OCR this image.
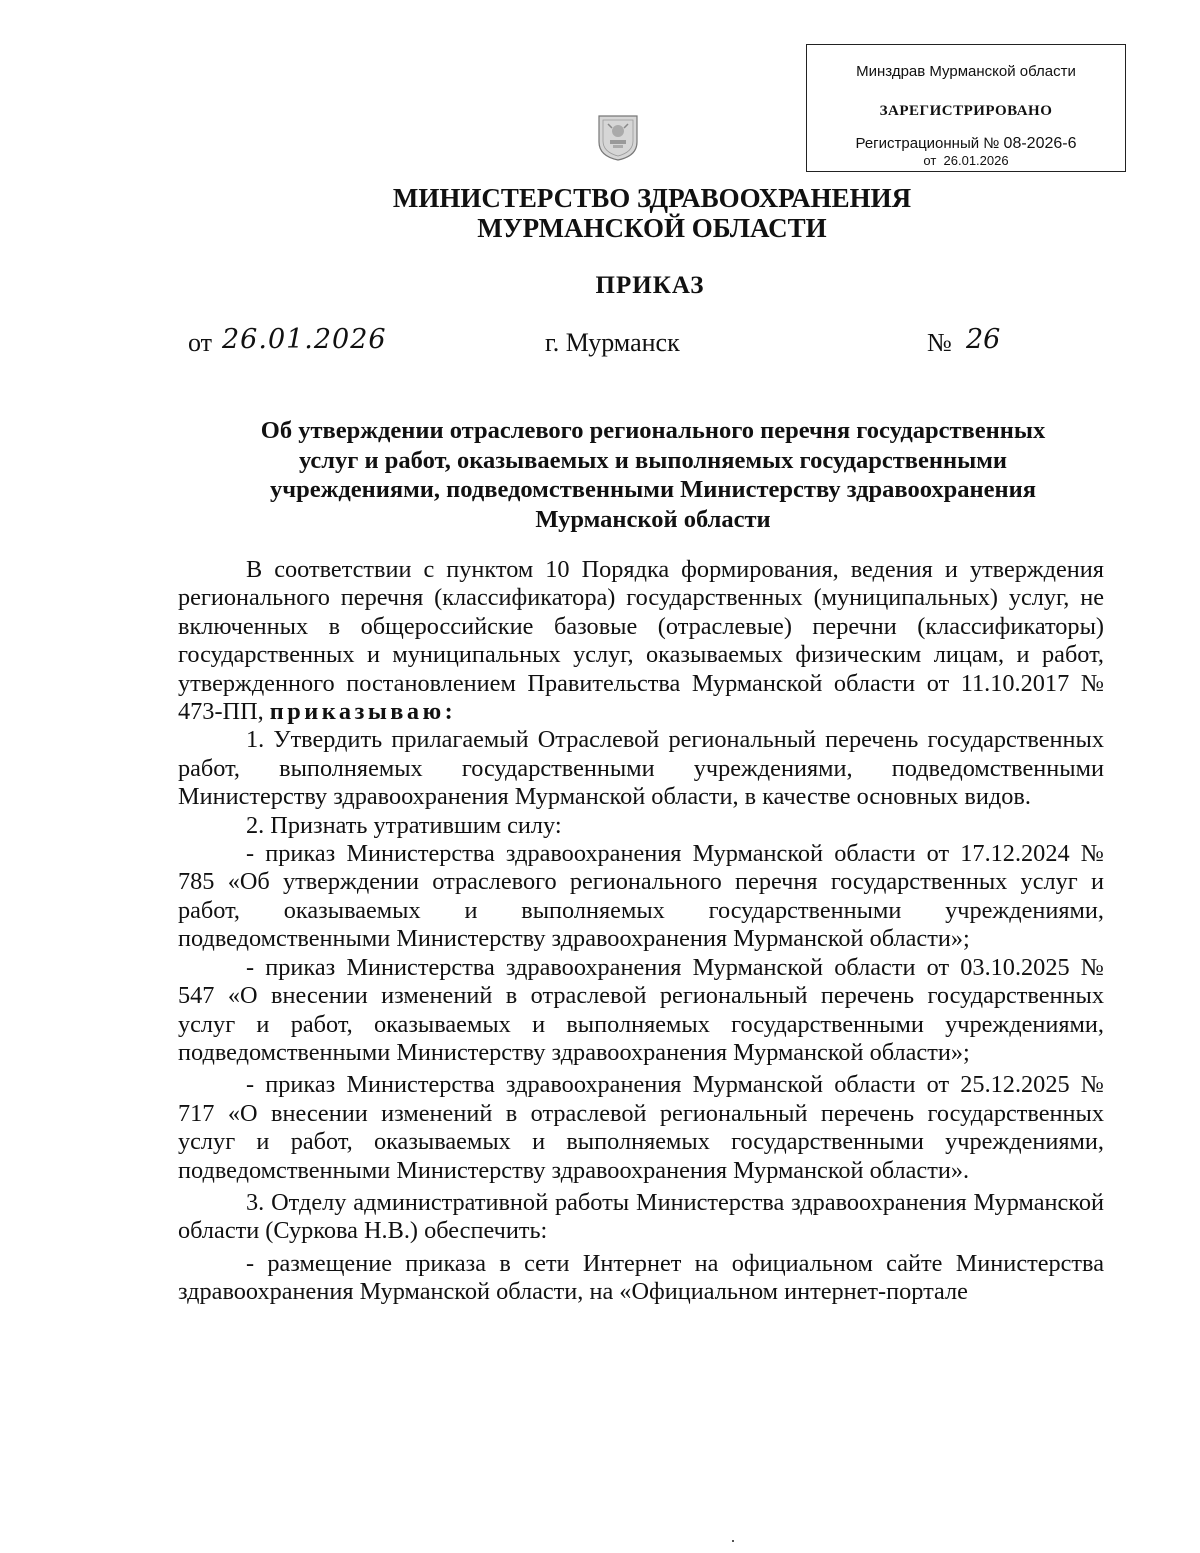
Минздрав Мурманской области
ЗАРЕГИСТРИРОВАНО
Регистрационный № 08-2026-6
от  26.01.2026
МИНИСТЕРСТВО ЗДРАВООХРАНЕНИЯ
МУРМАНСКОЙ ОБЛАСТИ
ПРИКАЗ
от 26.01.2026	г. Мурманск	№ 26
Об утверждении отраслевого регионального перечня государственных услуг и работ, оказываемых и выполняемых государственными учреждениями, подведомственными Министерству здравоохранения Мурманской области

В соответствии с пунктом 10 Порядка формирования, ведения и утверждения регионального перечня (классификатора) государственных (муниципальных) услуг, не включенных в общероссийские базовые (отраслевые) перечни (классификаторы) государственных и муниципальных услуг, оказываемых физическим лицам, и работ, утвержденного постановлением Правительства Мурманской области от 11.10.2017 № 473-ПП, приказываю:

1. Утвердить прилагаемый Отраслевой региональный перечень государственных работ, выполняемых государственными учреждениями, подведомственными Министерству здравоохранения Мурманской области, в качестве основных видов.

2. Признать утратившим силу:

- приказ Министерства здравоохранения Мурманской области от 17.12.2024 № 785 «Об утверждении отраслевого регионального перечня государственных услуг и работ, оказываемых и выполняемых государственными учреждениями, подведомственными Министерству здравоохранения Мурманской области»;

- приказ Министерства здравоохранения Мурманской области от 03.10.2025 № 547 «О внесении изменений в отраслевой региональный перечень государственных услуг и работ, оказываемых и выполняемых государственными учреждениями, подведомственными Министерству здравоохранения Мурманской области»;

- приказ Министерства здравоохранения Мурманской области от 25.12.2025 № 717 «О внесении изменений в отраслевой региональный перечень государственных услуг и работ, оказываемых и выполняемых государственными учреждениями, подведомственными Министерству здравоохранения Мурманской области».

3. Отделу административной работы Министерства здравоохранения Мурманской области (Суркова Н.В.) обеспечить:

- размещение приказа в сети Интернет на официальном сайте Министерства здравоохранения Мурманской области, на «Официальном интернет-портале
